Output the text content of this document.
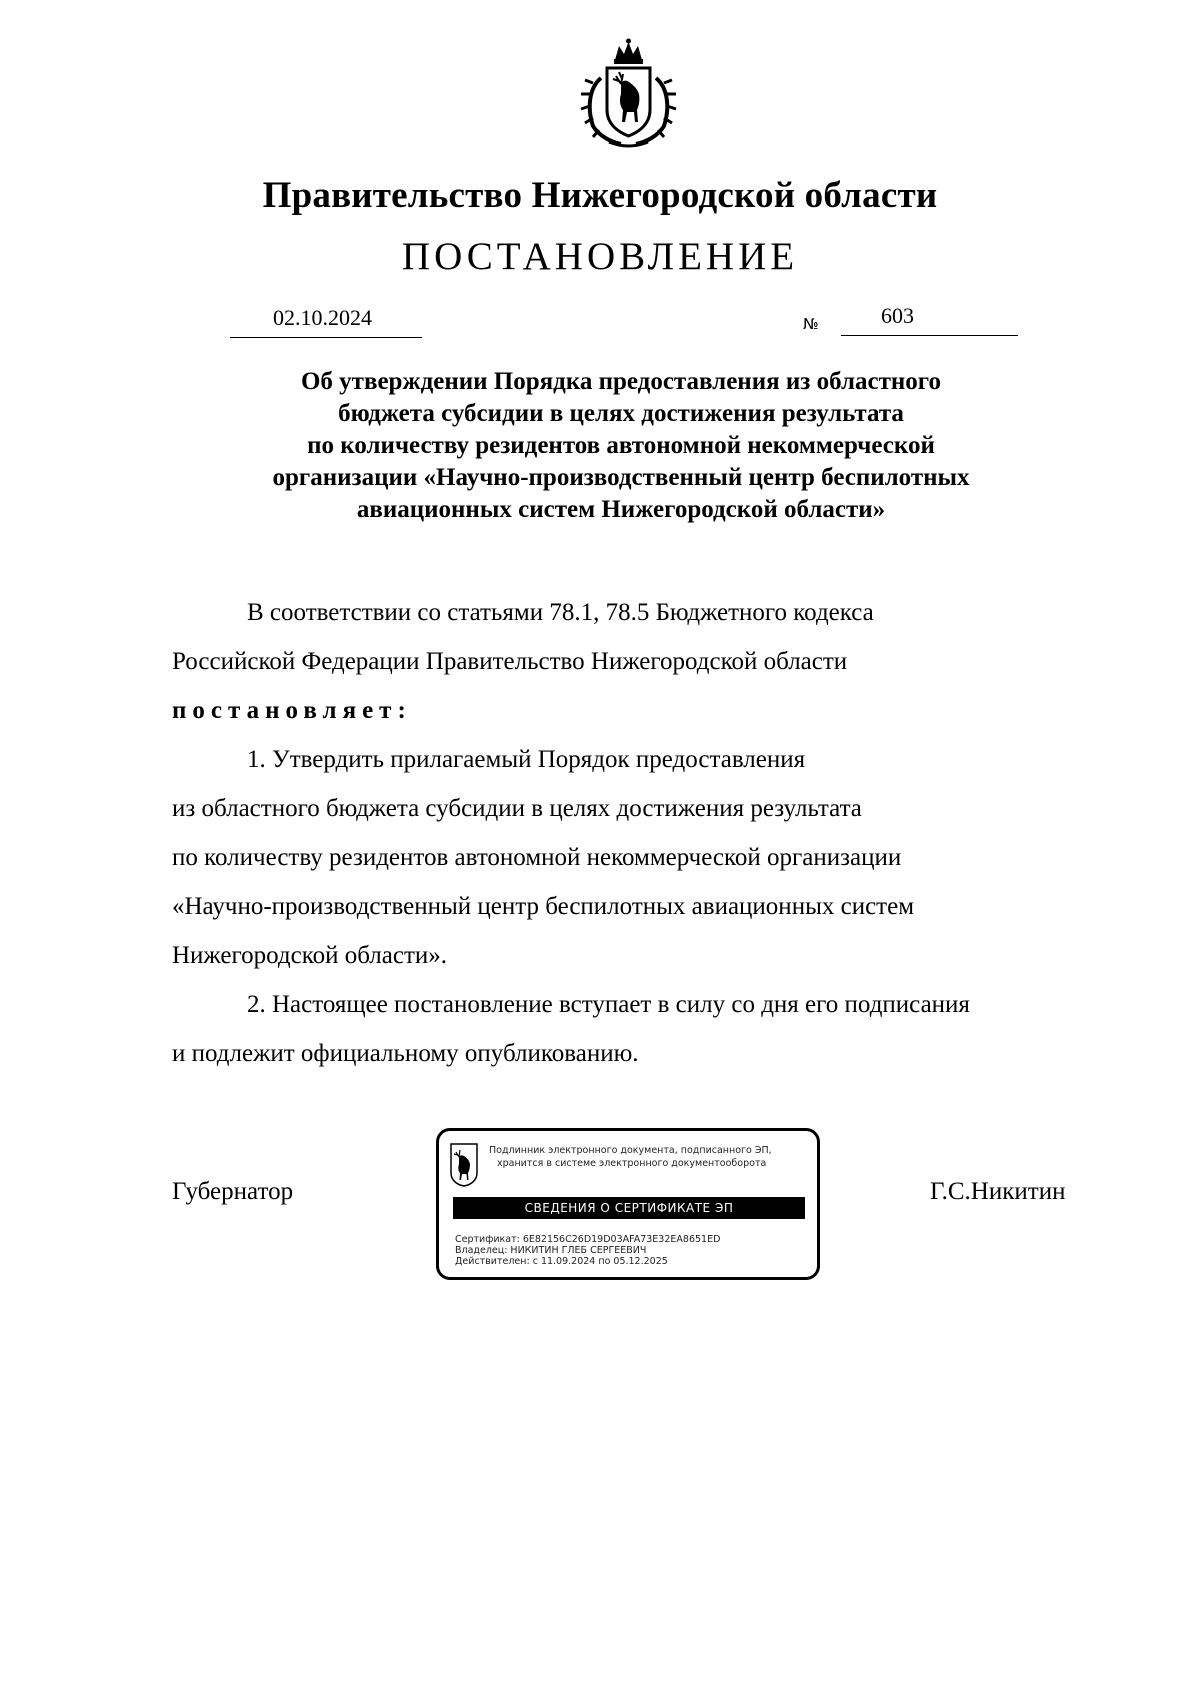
Правительство Нижегородской области
ПОСТАНОВЛЕНИЕ
02.10.2024	№	603
Об утверждении Порядка предоставления из областного
бюджета субсидии в целях достижения результата
по количеству резидентов автономной некоммерческой
организации «Научно-производственный центр беспилотных
авиационных систем Нижегородской области»

В соответствии со статьями 78.1, 78.5 Бюджетного кодекса

Российской Федерации Правительство Нижегородской области

постановляет:

1. Утвердить прилагаемый Порядок предоставления

из областного бюджета субсидии в целях достижения результата

по количеству резидентов автономной некоммерческой организации

«Научно-производственный центр беспилотных авиационных систем

Нижегородской области».

2. Настоящее постановление вступает в силу со дня его подписания

и подлежит официальному опубликованию.

Губернатор	Г.С.Никитин
Подлинник электронного документа, подписанного ЭП,
хранится в системе электронного документооборота
СВЕДЕНИЯ О СЕРТИФИКАТЕ ЭП
Сертификат: 6E82156C26D19D03AFA73E32EA8651ED
Владелец: НИКИТИН ГЛЕБ СЕРГЕЕВИЧ
Действителен: с 11.09.2024 по 05.12.2025
